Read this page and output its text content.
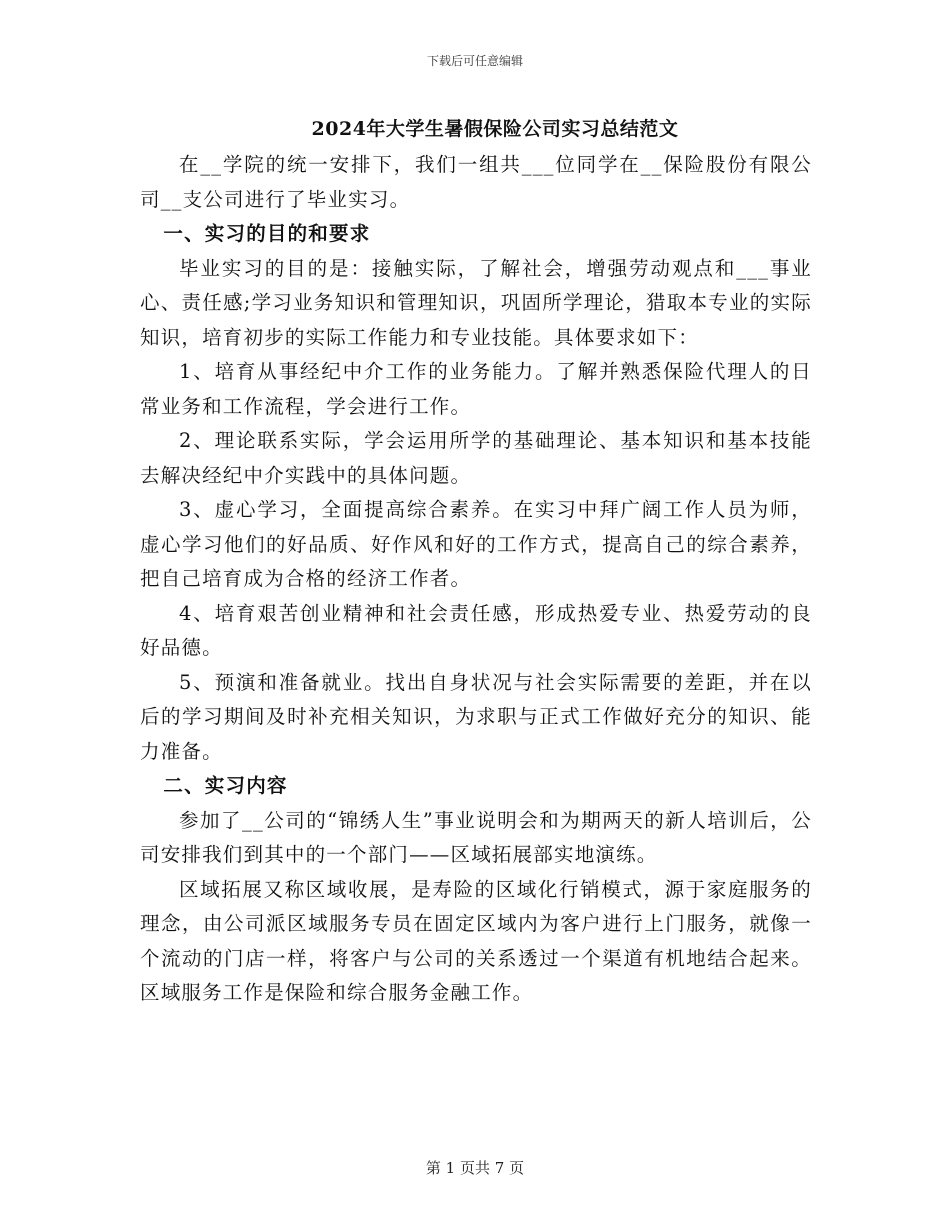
下载后可任意编辑
2024年大学生暑假保险公司实习总结范文

在__学院的统一安排下，我们一组共___位同学在__保险股份有限公司__支公司进行了毕业实习。

一、实习的目的和要求

毕业实习的目的是：接触实际，了解社会，增强劳动观点和___事业心、责任感;学习业务知识和管理知识，巩固所学理论，猎取本专业的实际知识，培育初步的实际工作能力和专业技能。具体要求如下：

1、培育从事经纪中介工作的业务能力。了解并熟悉保险代理人的日常业务和工作流程，学会进行工作。

2、理论联系实际，学会运用所学的基础理论、基本知识和基本技能去解决经纪中介实践中的具体问题。

3、虚心学习，全面提高综合素养。在实习中拜广阔工作人员为师，虚心学习他们的好品质、好作风和好的工作方式，提高自己的综合素养，把自己培育成为合格的经济工作者。

4、培育艰苦创业精神和社会责任感，形成热爱专业、热爱劳动的良好品德。

5、预演和准备就业。找出自身状况与社会实际需要的差距，并在以后的学习期间及时补充相关知识，为求职与正式工作做好充分的知识、能力准备。

二、实习内容

参加了__公司的“锦绣人生”事业说明会和为期两天的新人培训后，公司安排我们到其中的一个部门——区域拓展部实地演练。

区域拓展又称区域收展，是寿险的区域化行销模式，源于家庭服务的理念，由公司派区域服务专员在固定区域内为客户进行上门服务，就像一个流动的门店一样，将客户与公司的关系透过一个渠道有机地结合起来。区域服务工作是保险和综合服务金融工作。

第 1 页共 7 页
